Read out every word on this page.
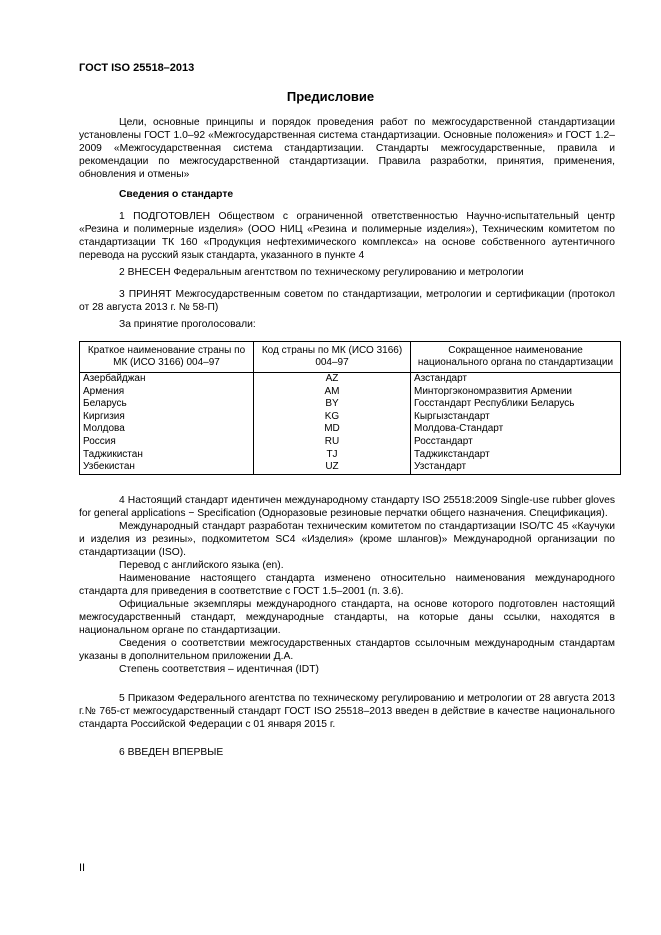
ГОСТ ISO 25518–2013
Предисловие

Цели, основные принципы и порядок проведения работ по межгосударственной стандартизации установлены ГОСТ 1.0–92 «Межгосударственная система стандартизации. Основные положения» и ГОСТ 1.2–2009 «Межгосударственная система стандартизации. Стандарты межгосударственные, правила и рекомендации по межгосударственной стандартизации. Правила разработки, принятия, применения, обновления и отмены»

Сведения о стандарте

1 ПОДГОТОВЛЕН Обществом с ограниченной ответственностью Научно-испытательный центр «Резина и полимерные изделия» (ООО НИЦ «Резина и полимерные изделия»), Техническим комитетом по стандартизации ТК 160 «Продукция нефтехимического комплекса» на основе собственного аутентичного перевода на русский язык стандарта, указанного в пункте 4

2 ВНЕСЕН Федеральным агентством по техническому регулированию и метрологии

3 ПРИНЯТ Межгосударственным советом по стандартизации, метрологии и сертификации (протокол от 28 августа 2013 г. № 58-П)

За принятие проголосовали:

Краткое наименование страны по МК (ИСО 3166) 004–97	Код страны по МК (ИСО 3166) 004–97	Сокращенное наименование национального органа по стандартизации
Азербайджан	AZ	Азстандарт
Армения	AM	Минторгэкономразвития Армении
Беларусь	BY	Госстандарт Республики Беларусь
Киргизия	KG	Кыргызстандарт
Молдова	MD	Молдова-Стандарт
Россия	RU	Росстандарт
Таджикистан	TJ	Таджикстандарт
Узбекистан	UZ	Узстандарт

4 Настоящий стандарт идентичен международному стандарту ISO 25518:2009 Single-use rubber gloves for general applications − Specification (Одноразовые резиновые перчатки общего назначения. Спецификация).

Международный стандарт разработан техническим комитетом по стандартизации ISO/TC 45 «Каучуки и изделия из резины», подкомитетом SC4 «Изделия» (кроме шлангов)» Международной организации по стандартизации (ISO).

Перевод с английского языка (en).

Наименование настоящего стандарта изменено относительно наименования международного стандарта для приведения в соответствие с ГОСТ 1.5–2001 (п. 3.6).

Официальные экземпляры международного стандарта, на основе которого подготовлен настоящий межгосударственный стандарт, международные стандарты, на которые даны ссылки, находятся в национальном органе по стандартизации.

Сведения о соответствии межгосударственных стандартов ссылочным международным стандартам указаны в дополнительном приложении Д.А.

Степень соответствия – идентичная (IDT)

5 Приказом Федерального агентства по техническому регулированию и метрологии от 28 августа 2013 г.№ 765-ст межгосударственный стандарт ГОСТ ISO 25518–2013 введен в действие в качестве национального стандарта Российской Федерации с 01 января 2015 г.

6 ВВЕДЕН ВПЕРВЫЕ

II
